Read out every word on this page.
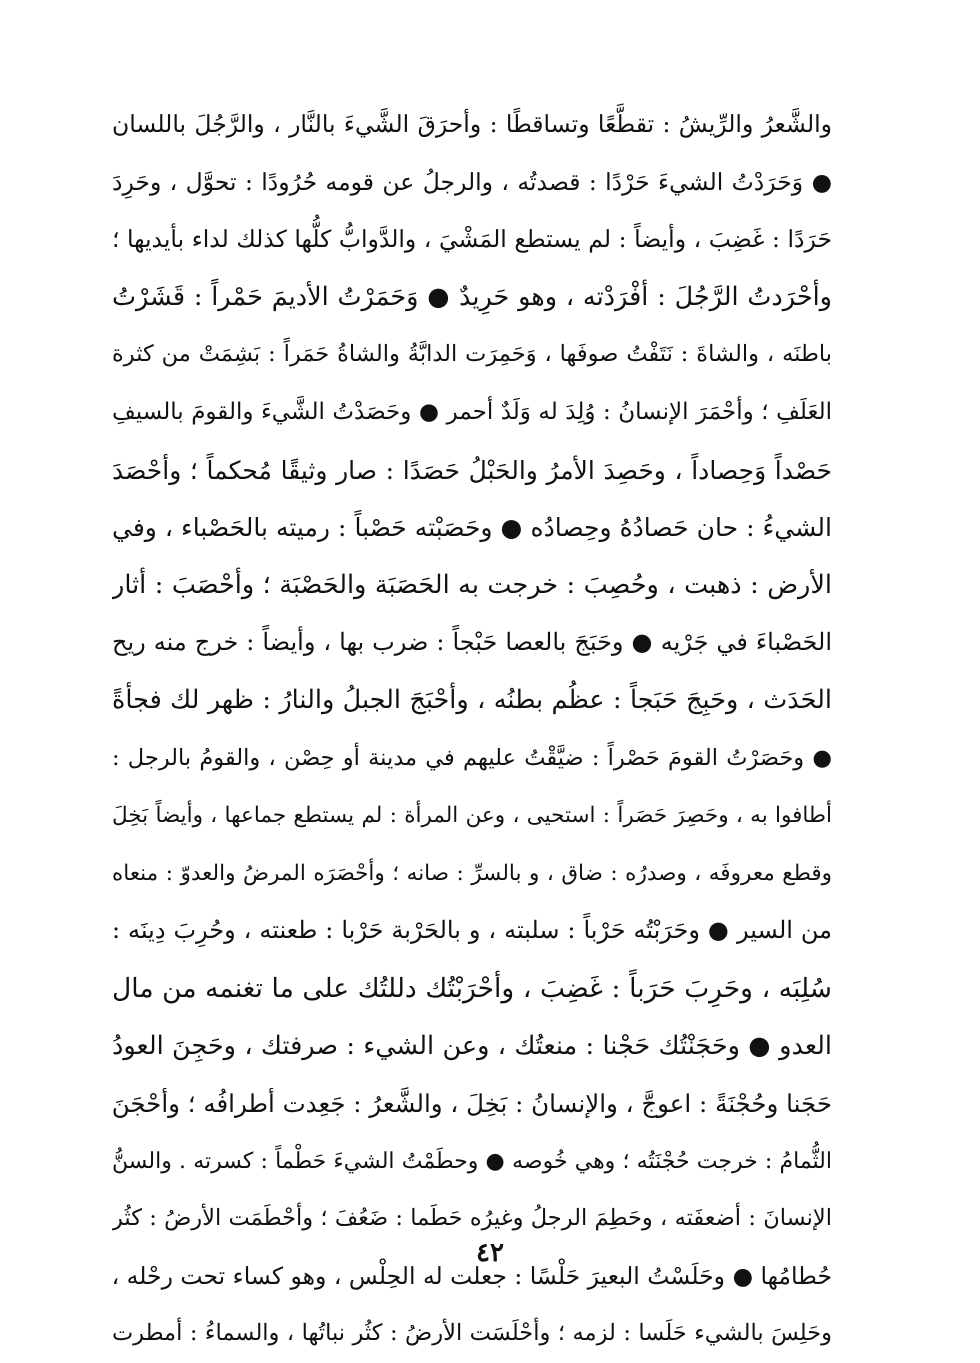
والشَّعرُ والرِّيشُ : تقطَّعًا وتساقطًا : وأحرَقَ الشَّيءَ بالنَّار ، والرَّجُلَ باللسان
● وَحَرَدْتُ الشيءَ حَرْدًا : قصدتُه ، والرجلُ عن قومه حُرُودًا : تحوَّل ، وحَرِدَ
حَرَدًا : غَضِبَ ، وأيضاً : لم يستطع المَشْيَ ، والدَّوابُّ كلُّها كذلك لداء بأيديها ؛
وأحْرَدتُ الرَّجُلَ : أفْرَدْته ، وهو حَرِيدٌ ● وَحَمَرْتُ الأديمَ حَمْراً : قَشَرْتُ
باطنَه ، والشاةَ : نَتَفْتُ صوفَها ، وَحَمِرَت الدابَّةُ والشاةُ حَمَراً : بَشِمَتْ من كثرة
العَلَفِ ؛ وأحْمَرَ الإنسانُ : وُلِدَ له وَلَدٌ أحمر ● وحَصَدْتُ الشَّيءَ والقومَ بالسيفِ
حَصْداً وَحِصاداً ، وحَصِدَ الأمرُ والحَبْلُ حَصَدًا : صار وثيقًا مُحكماً ؛ وأحْصَدَ
الشيءُ : حان حَصادُهُ وحِصادُه ● وحَصَبْته حَصْباً : رميته بالحَصْباء ، وفي
الأرض : ذهبت ، وحُصِبَ : خرجت به الحَصَبَة والحَصْبَة ؛ وأحْصَبَ : أثار
الحَصْباءَ في جَرْيه ● وحَبَجَ بالعصا حَبْجاً : ضرب بها ، وأيضاً : خرج منه ريح
الحَدَث ، وحَبِجَ حَبَجاً : عظُم بطنُه ، وأحْبَجَ الجبلُ والنارُ : ظهر لك فجأةً
● وحَصَرْتُ القومَ حَصْراً : ضيَّقْتُ عليهم في مدينة أو حِصْن ، والقومُ بالرجل :
أطافوا به ، وحَصِرَ حَصَراً : استحيى ، وعن المرأة : لم يستطع جماعها ، وأيضاً بَخِلَ
وقطع معروفَه ، وصدرُه : ضاق ، و بالسرِّ : صانه ؛ وأحْصَرَه المرضُ والعدوّ : منعاه
من السير ● وحَرَبْتُه حَرْباً : سلبته ، و بالحَرْبة حَرْبا : طعنته ، وحُرِبَ دِينَه :
سُلِبَه ، وحَرِبَ حَرَباً : غَضِبَ ، وأحْرَبْتُك دللتُك على ما تغنمه من مال
العدو ● وحَجَنْتُك حَجْنا : منعتُك ، وعن الشيء : صرفتك ، وحَجِنَ العودُ
حَجَنا وحُجْنَةً : اعوجَّ ، والإنسانُ : بَخِلَ ، والشَّعرُ : جَعِدت أطرافُه ؛ وأحْجَنَ
الثُّمامُ : خرجت حُجْنَتُه ؛ وهي خُوصه ● وحطَمْتُ الشيءَ حَطْماً : كسرته . والسنُّ
الإنسانَ : أضعفَته ، وحَطِمَ الرجلُ وغيرُه حَطَما : ضَعُفَ ؛ وأحْطَمَت الأرضُ : كثُر
حُطامُها ● وحَلَسْتُ البعيرَ حَلْسًا : جعلت له الحِلْس ، وهو كساء تحت رحْله ،
وحَلِسَ بالشيء حَلَسا : لزمه ؛ وأحْلَسَت الأرضُ : كثُر نباتُها ، والسماءُ : أمطرت
٤٢
